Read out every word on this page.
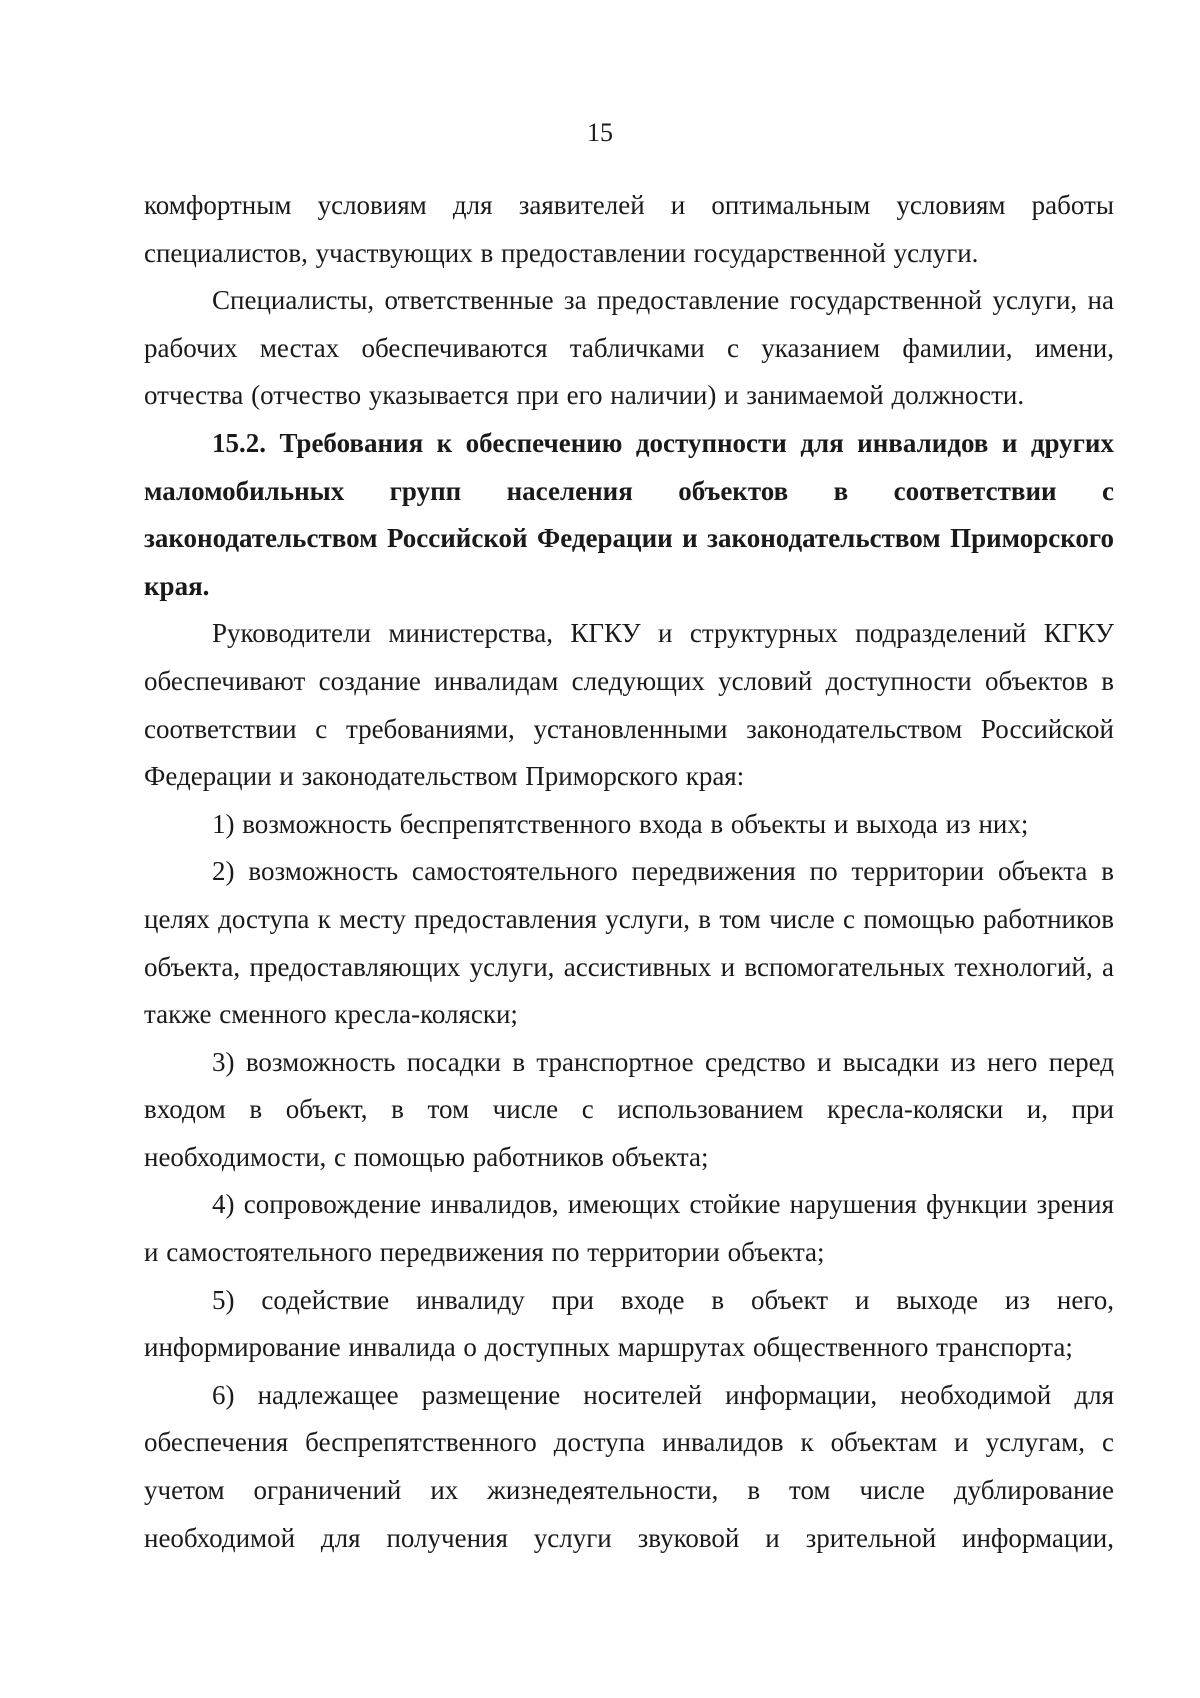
15

комфортным условиям для заявителей и оптимальным условиям работы специалистов, участвующих в предоставлении государственной услуги.

Специалисты, ответственные за предоставление государственной услуги, на рабочих местах обеспечиваются табличками с указанием фамилии, имени, отчества (отчество указывается при его наличии) и занимаемой должности.

15.2. Требования к обеспечению доступности для инвалидов и других маломобильных групп населения объектов в соответствии с законодательством Российской Федерации и законодательством Приморского края.

Руководители министерства, КГКУ и структурных подразделений КГКУ обеспечивают создание инвалидам следующих условий доступности объектов в соответствии с требованиями, установленными законодательством Российской Федерации и законодательством Приморского края:

1) возможность беспрепятственного входа в объекты и выхода из них;

2) возможность самостоятельного передвижения по территории объекта в целях доступа к месту предоставления услуги, в том числе с помощью работников объекта, предоставляющих услуги, ассистивных и вспомогательных технологий, а также сменного кресла-коляски;

3) возможность посадки в транспортное средство и высадки из него перед входом в объект, в том числе с использованием кресла-коляски и, при необходимости, с помощью работников объекта;

4) сопровождение инвалидов, имеющих стойкие нарушения функции зрения и самостоятельного передвижения по территории объекта;

5) содействие инвалиду при входе в объект и выходе из него, информирование инвалида о доступных маршрутах общественного транспорта;

6) надлежащее размещение носителей информации, необходимой для обеспечения беспрепятственного доступа инвалидов к объектам и услугам, с учетом ограничений их жизнедеятельности, в том числе дублирование необходимой для получения услуги звуковой и зрительной информации,
